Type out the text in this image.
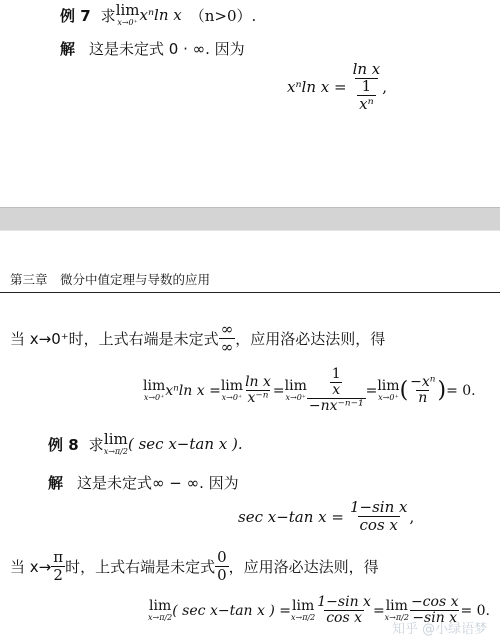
例 7 求 lim
x→0⁺ xⁿln x （n>0）.
解 这是未定式 0 · ∞. 因为
xⁿln $x = \frac{\text{ln x}}{\frac{1}{\text{xⁿ}}}$ ,
第三章　微分中值定理与导数的应用
当 x→0⁺时，上式右端是未定式 $\frac{\infty}{\infty}$ ，应用洛必达法则，得
lim
x→0⁺ xⁿln x = lim
$x\to 0^+ \frac{\text{ln x}}{\text{x⁻ⁿ}} = \lim$
$x\to 0^+ \frac{\frac{1}{x}}{\text{−nx⁻ⁿ⁻¹}} = \lim$
x→0⁺ ( $\frac{\text{−xⁿ}}{n}$ ) = 0.
例 8 求 lim
x→π/2 ( sec x−tan x ).
解 这是未定式∞ − ∞. 因为
sec x−tan $x = \frac{\text{1−sin x}}{\text{cos x}}$ ,
当 $x\to \frac{\pi}{2}$ 时，上式右端是未定式 $\frac{0}{0}$ ，应用洛必达法则，得
lim
x→π/2 ( sec x−tan x ) = lim
$x\to\pi/2 \frac{\text{1−sin x}}{\text{cos x}} = \lim$
$x\to\pi/2 \frac{\text{−cos x}}{\text{−sin x}} = 0$.
知乎 @小绿语梦
